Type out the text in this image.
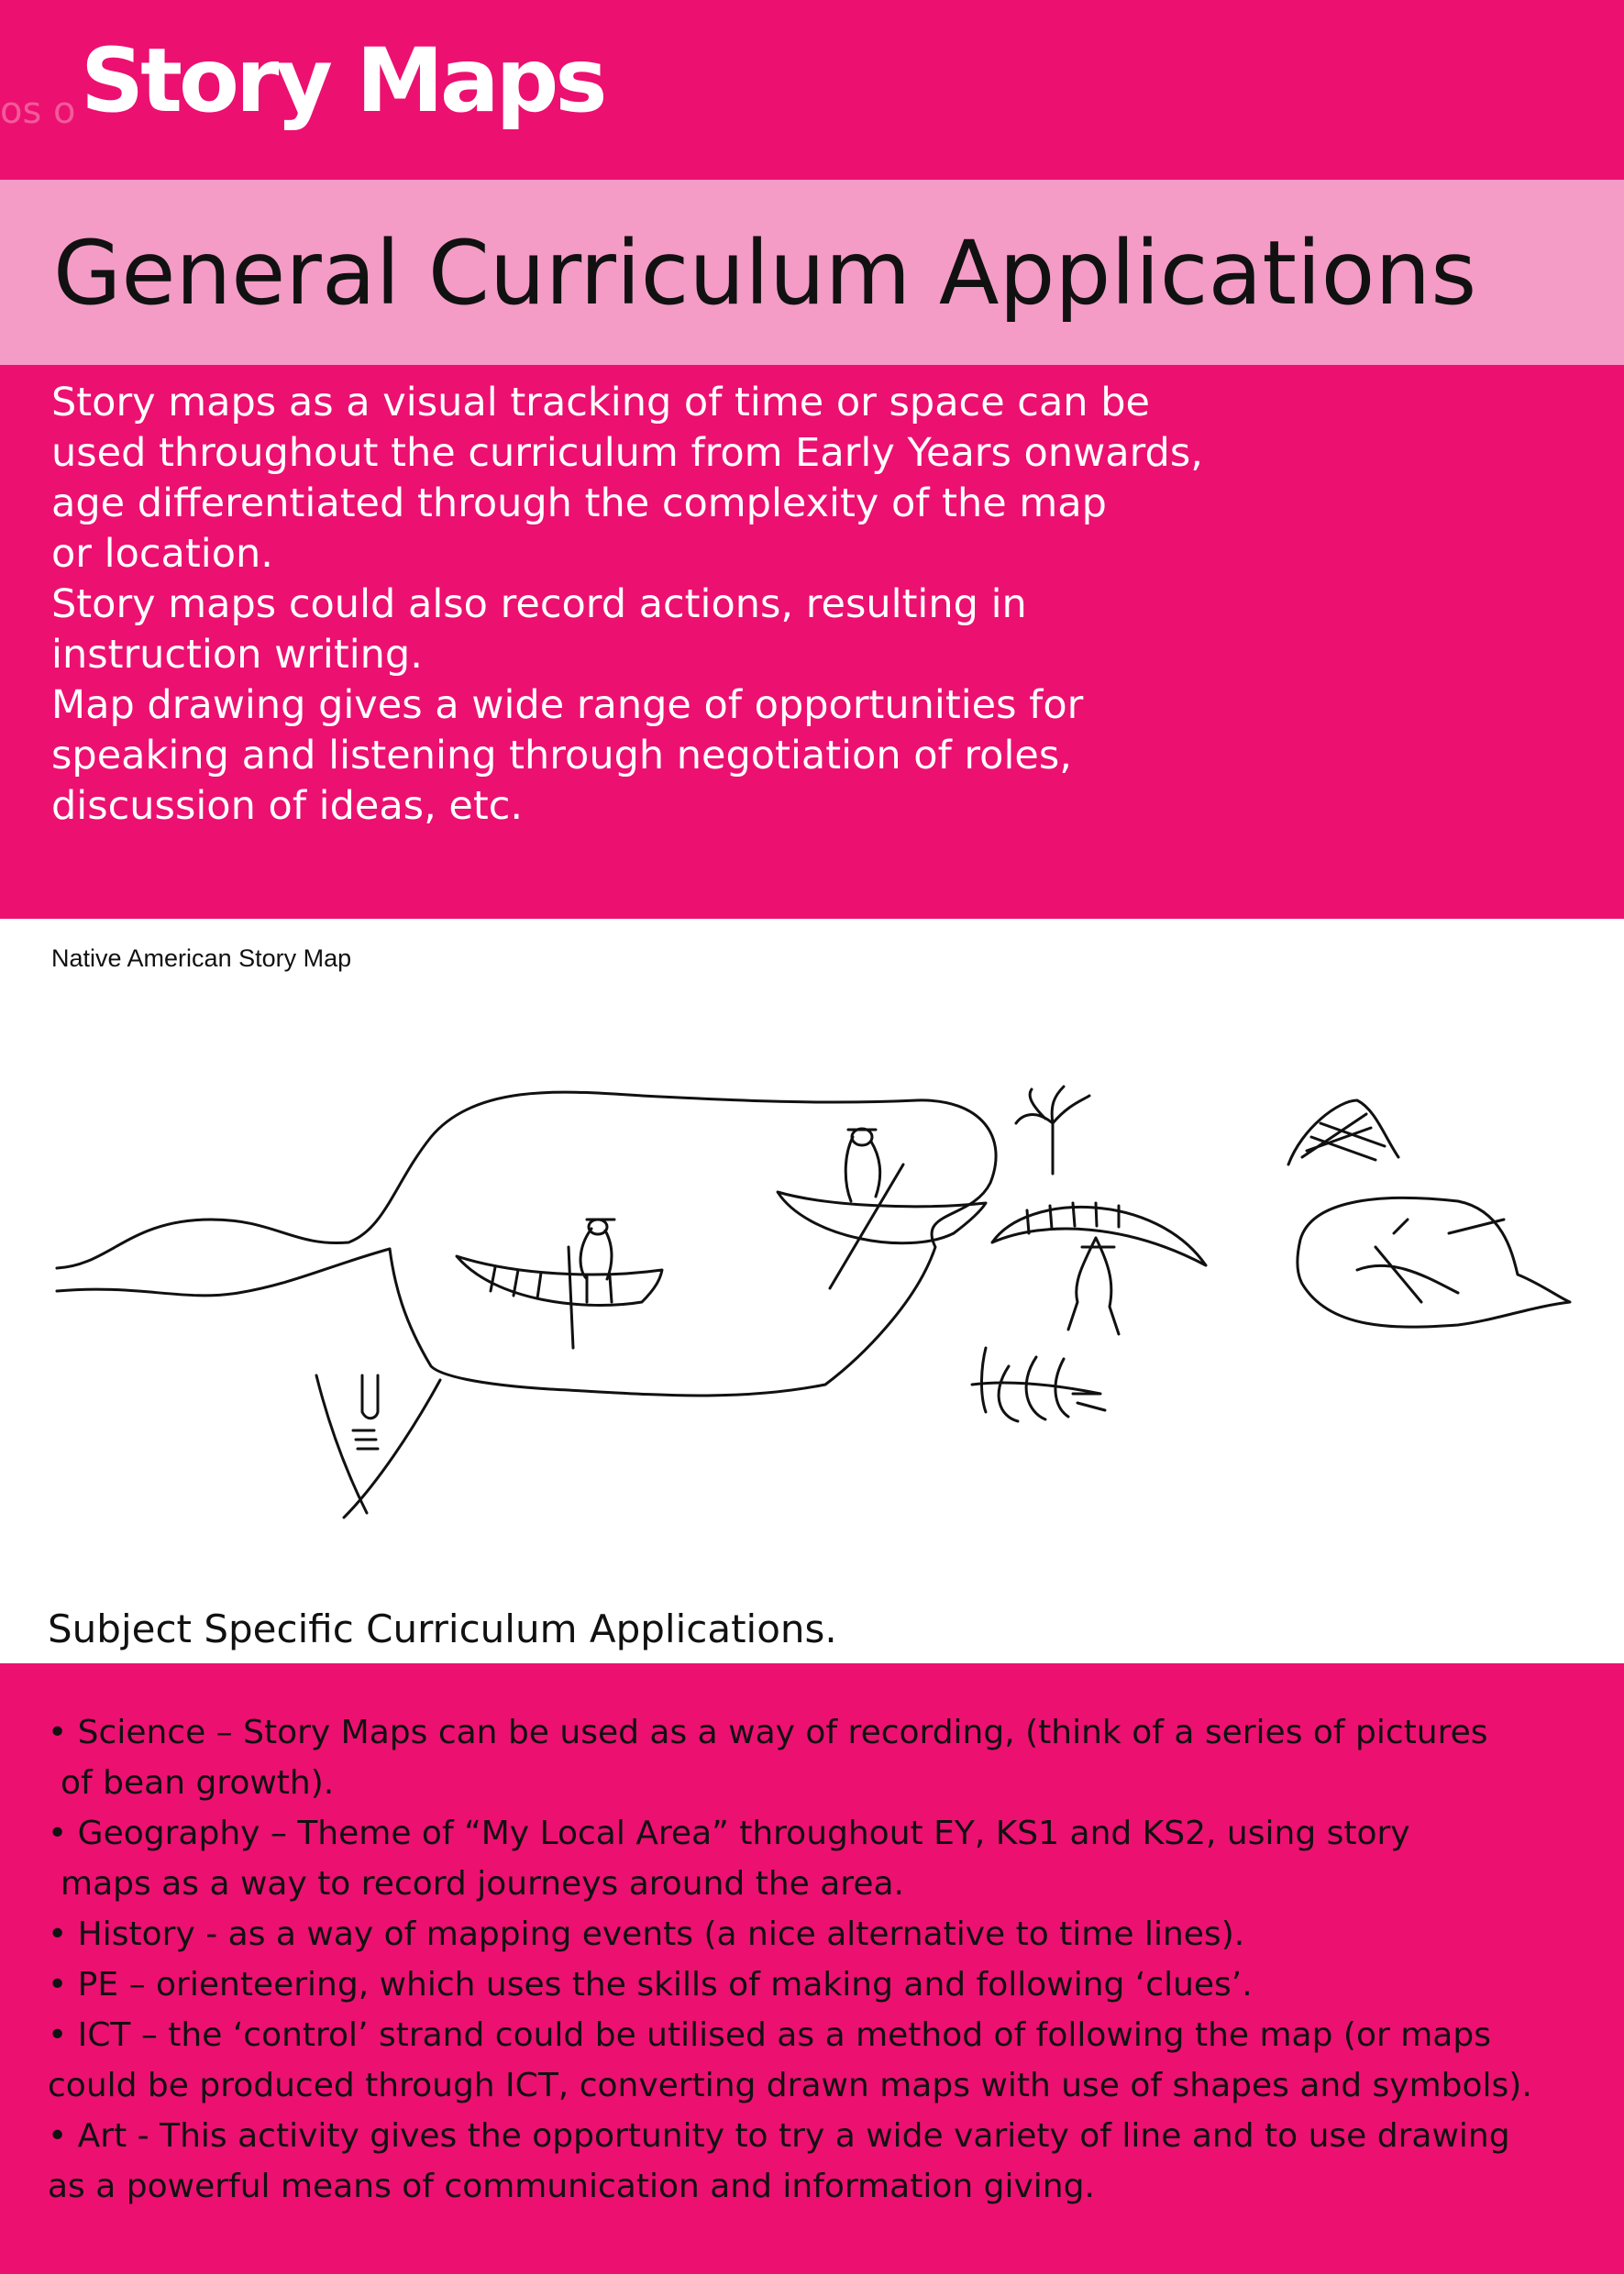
os o Story Maps
General Curriculum Applications
Story maps as a visual tracking of time or space can be
used throughout the curriculum from Early Years onwards,
age differentiated through the complexity of the map
or location.
Story maps could also record actions, resulting in
instruction writing.
Map drawing gives a wide range of opportunities for
speaking and listening through negotiation of roles,
discussion of ideas, etc.
Native American Story Map
Subject Specific Curriculum Applications.
• Science – Story Maps can be used as a way of recording, (think of a series of pictures
of bean growth).
• Geography – Theme of “My Local Area” throughout EY, KS1 and KS2, using story
maps as a way to record journeys around the area.
• History - as a way of mapping events (a nice alternative to time lines).
• PE – orienteering, which uses the skills of making and following ‘clues’.
• ICT – the ‘control’ strand could be utilised as a method of following the map (or maps
could be produced through ICT, converting drawn maps with use of shapes and symbols).
• Art - This activity gives the opportunity to try a wide variety of line and to use drawing
as a powerful means of communication and information giving.
